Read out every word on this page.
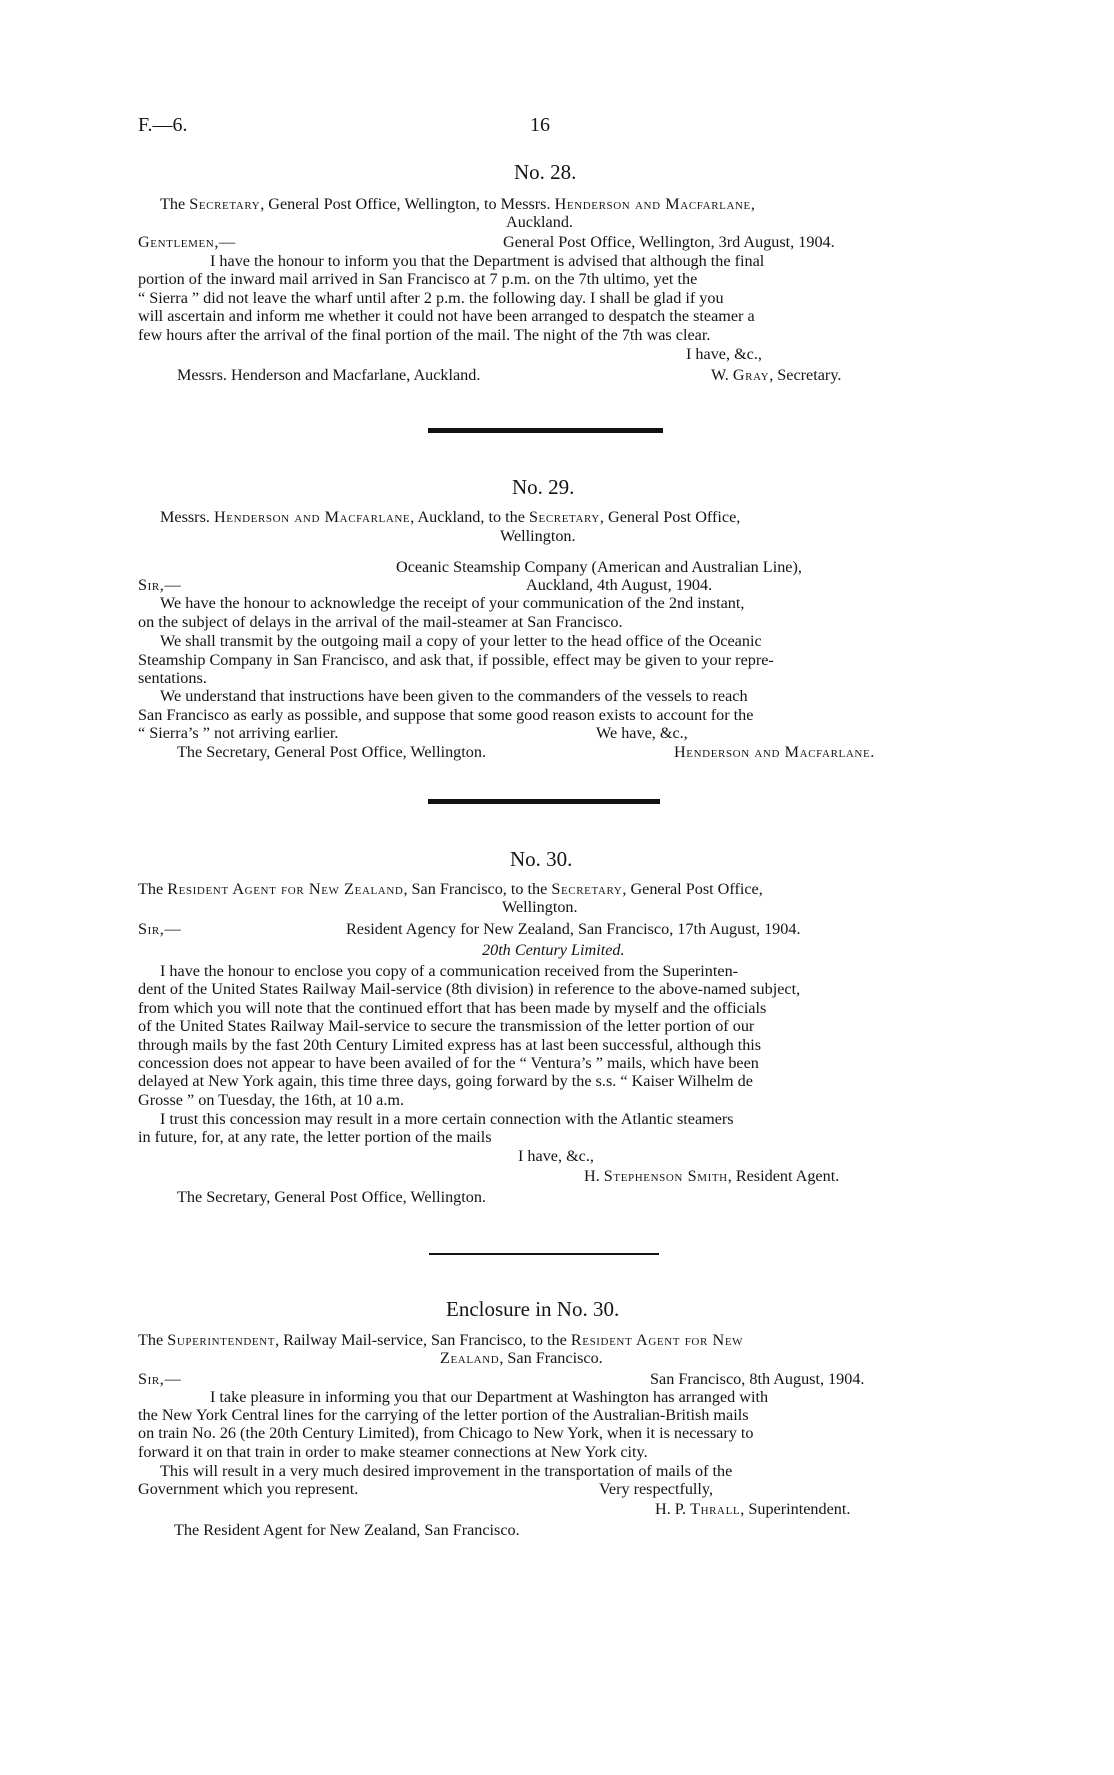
F.—6.	16
No. 28.
The Secretary, General Post Office, Wellington, to Messrs. Henderson and Macfarlane,
Auckland.
Gentlemen,—	General Post Office, Wellington, 3rd August, 1904.
I have the honour to inform you that the Department is advised that although the final
portion of the inward mail arrived in San Francisco at 7 p.m. on the 7th ultimo, yet the
“ Sierra ” did not leave the wharf until after 2 p.m. the following day. I shall be glad if you
will ascertain and inform me whether it could not have been arranged to despatch the steamer a
few hours after the arrival of the final portion of the mail. The night of the 7th was clear.
I have, &c.,
Messrs. Henderson and Macfarlane, Auckland.	W. Gray, Secretary.
No. 29.
Messrs. Henderson and Macfarlane, Auckland, to the Secretary, General Post Office,
Wellington.
Oceanic Steamship Company (American and Australian Line),
Sir,—	Auckland, 4th August, 1904.
We have the honour to acknowledge the receipt of your communication of the 2nd instant,
on the subject of delays in the arrival of the mail-steamer at San Francisco.
We shall transmit by the outgoing mail a copy of your letter to the head office of the Oceanic
Steamship Company in San Francisco, and ask that, if possible, effect may be given to your repre-
sentations.
We understand that instructions have been given to the commanders of the vessels to reach
San Francisco as early as possible, and suppose that some good reason exists to account for the
“ Sierra’s ” not arriving earlier.	We have, &c.,
The Secretary, General Post Office, Wellington.	Henderson and Macfarlane.
No. 30.
The Resident Agent for New Zealand, San Francisco, to the Secretary, General Post Office,
Wellington.
Sir,—	Resident Agency for New Zealand, San Francisco, 17th August, 1904.
20th Century Limited.
I have the honour to enclose you copy of a communication received from the Superinten-
dent of the United States Railway Mail-service (8th division) in reference to the above-named subject,
from which you will note that the continued effort that has been made by myself and the officials
of the United States Railway Mail-service to secure the transmission of the letter portion of our
through mails by the fast 20th Century Limited express has at last been successful, although this
concession does not appear to have been availed of for the “ Ventura’s ” mails, which have been
delayed at New York again, this time three days, going forward by the s.s. “ Kaiser Wilhelm de
Grosse ” on Tuesday, the 16th, at 10 a.m.
I trust this concession may result in a more certain connection with the Atlantic steamers
in future, for, at any rate, the letter portion of the mails
I have, &c.,
H. Stephenson Smith, Resident Agent.
The Secretary, General Post Office, Wellington.
Enclosure in No. 30.
The Superintendent, Railway Mail-service, San Francisco, to the Resident Agent for New
Zealand, San Francisco.
Sir,—	San Francisco, 8th August, 1904.
I take pleasure in informing you that our Department at Washington has arranged with
the New York Central lines for the carrying of the letter portion of the Australian-British mails
on train No. 26 (the 20th Century Limited), from Chicago to New York, when it is necessary to
forward it on that train in order to make steamer connections at New York city.
This will result in a very much desired improvement in the transportation of mails of the
Government which you represent.	Very respectfully,
H. P. Thrall, Superintendent.
The Resident Agent for New Zealand, San Francisco.
